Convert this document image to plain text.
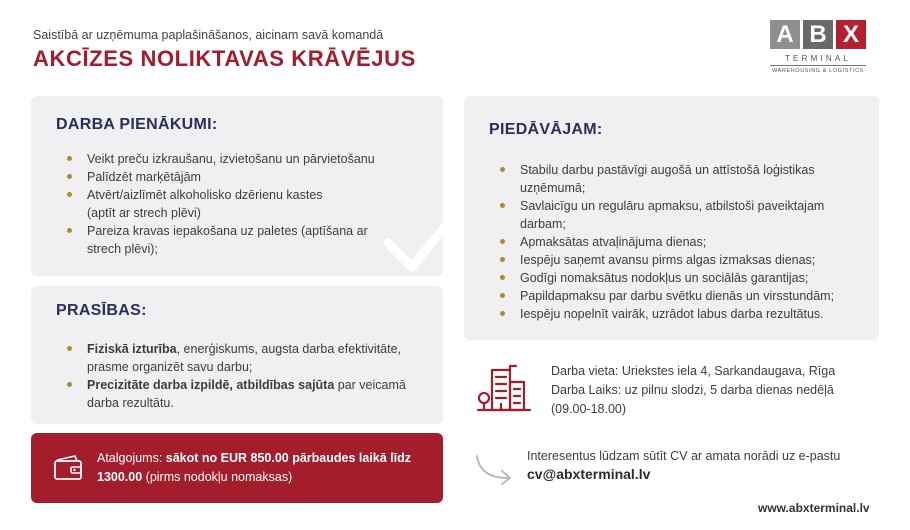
Saistībā ar uzņēmuma paplašināšanos, aicinam savā komandā
AKCĪZES NOLIKTAVAS KRĀVĒJUS
A B X
TERMINAL
WAREHOUSING & LOGISTICS
DARBA PIENĀKUMI:
Veikt preču izkraušanu, izvietošanu un pārvietošanu
Palīdzēt marķētājām
Atvērt/aizlīmēt alkoholisko dzērienu kastes
(aptīt ar strech plēvi)
Pareiza kravas iepakošana uz paletes (aptīšana ar
strech plēvi);
PRASĪBAS:
Fiziskā izturība, enerģiskums, augsta darba efektivitāte, prasme organizēt savu darbu;
Precizitāte darba izpildē, atbildības sajūta par veicamā darba rezultātu.
PIEDĀVĀJAM:
Stabilu darbu pastāvīgi augošā un attīstošā loģistikas uzņēmumā;
Savlaicīgu un regulāru apmaksu, atbilstoši paveiktajam darbam;
Apmaksātas atvaļinājuma dienas;
Iespēju saņemt avansu pirms algas izmaksas dienas;
Godīgi nomaksātus nodokļus un sociālās garantijas;
Papildapmaksu par darbu svētku dienās un virsstundām;
Iespēju nopelnīt vairāk, uzrādot labus darba rezultātus.
Atalgojums: sākot no EUR 850.00 pārbaudes laikā līdz 1300.00 (pirms nodokļu nomaksas)
Darba vieta: Uriekstes iela 4, Sarkandaugava, Rīga
Darba Laiks: uz pilnu slodzi, 5 darba dienas nedēļā
(09.00-18.00)
Interesentus lūdzam sūtīt CV ar amata norādi uz e-pastu
cv@abxterminal.lv
www.abxterminal.lv
